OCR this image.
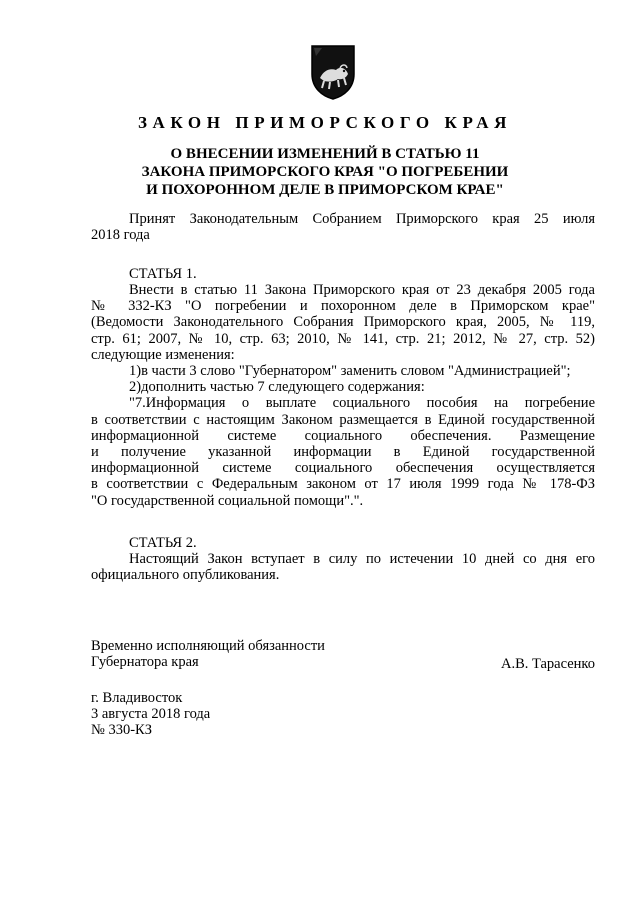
ЗАКОН ПРИМОРСКОГО КРАЯ
О ВНЕСЕНИИ ИЗМЕНЕНИЙ В СТАТЬЮ 11
ЗАКОНА ПРИМОРСКОГО КРАЯ "О ПОГРЕБЕНИИ
И ПОХОРОННОМ ДЕЛЕ В ПРИМОРСКОМ КРАЕ"
Принят Законодательным Собранием Приморского края 25 июля
2018 года
СТАТЬЯ 1.
Внести в статью 11 Закона Приморского края от 23 декабря 2005 года
№ 332-КЗ "О погребении и похоронном деле в Приморском крае"
(Ведомости Законодательного Собрания Приморского края, 2005, № 119,
стр. 61; 2007, № 10, стр. 63; 2010, № 141, стр. 21; 2012, № 27, стр. 52)
следующие изменения:
1)в части 3 слово "Губернатором" заменить словом "Администрацией";
2)дополнить частью 7 следующего содержания:
"7.Информация о выплате социального пособия на погребение
в соответствии с настоящим Законом размещается в Единой государственной
информационной системе социального обеспечения. Размещение
и получение указанной информации в Единой государственной
информационной системе социального обеспечения осуществляется
в соответствии с Федеральным законом от 17 июля 1999 года № 178-ФЗ
"О государственной социальной помощи".".
СТАТЬЯ 2.
Настоящий Закон вступает в силу по истечении 10 дней со дня его
официального опубликования.
Временно исполняющий обязанности
Губернатора края	А.В. Тарасенко
г. Владивосток
3 августа 2018 года
№ 330-КЗ
